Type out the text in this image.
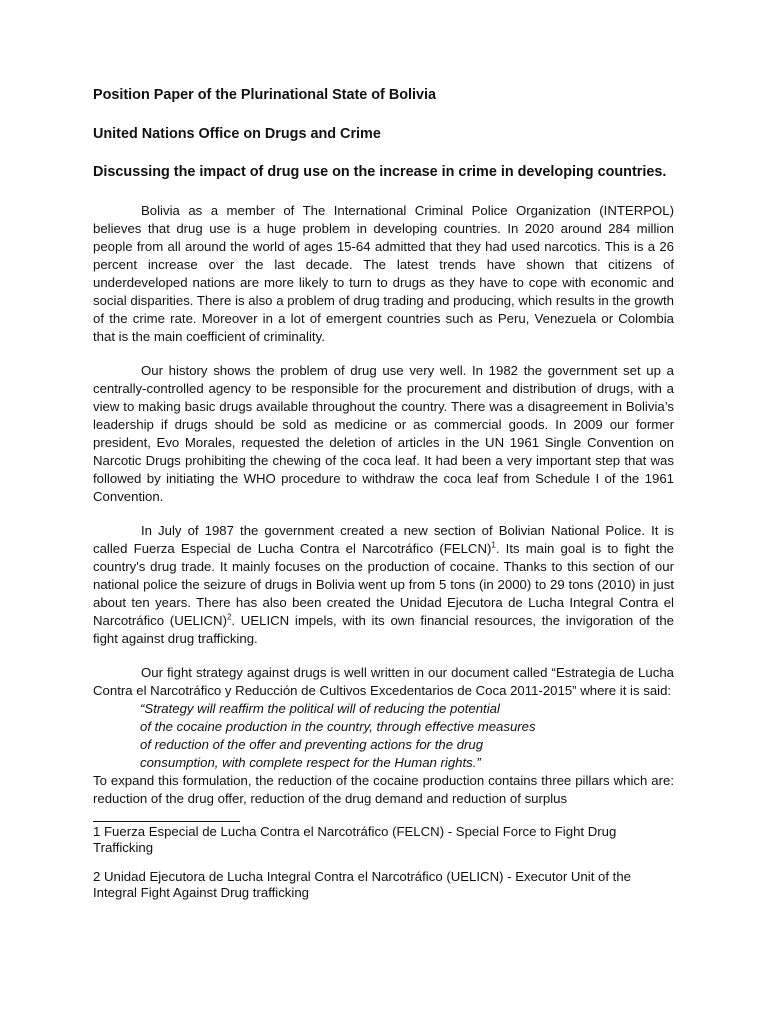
Position Paper of the Plurinational State of Bolivia

United Nations Office on Drugs and Crime

Discussing the impact of drug use on the increase in crime in developing countries.

Bolivia as a member of The International Criminal Police Organization (INTERPOL) believes that drug use is a huge problem in developing countries. In 2020 around 284 million people from all around the world of ages 15-64 admitted that they had used narcotics. This is a 26 percent increase over the last decade. The latest trends have shown that citizens of underdeveloped nations are more likely to turn to drugs as they have to cope with economic and social disparities. There is also a problem of drug trading and producing, which results in the growth of the crime rate. Moreover in a lot of emergent countries such as Peru, Venezuela or Colombia that is the main coefficient of criminality.

Our history shows the problem of drug use very well. In 1982 the government set up a centrally-controlled agency to be responsible for the procurement and distribution of drugs, with a view to making basic drugs available throughout the country. There was a disagreement in Bolivia’s leadership if drugs should be sold as medicine or as commercial goods. In 2009 our former president, Evo Morales, requested the deletion of articles in the UN 1961 Single Convention on Narcotic Drugs prohibiting the chewing of the coca leaf. It had been a very important step that was followed by initiating the WHO procedure to withdraw the coca leaf from Schedule I of the 1961 Convention.

In July of 1987 the government created a new section of Bolivian National Police. It is called Fuerza Especial de Lucha Contra el Narcotráfico (FELCN)$^1$. Its main goal is to fight the country's drug trade. It mainly focuses on the production of cocaine. Thanks to this section of our national police the seizure of drugs in Bolivia went up from 5 tons (in 2000) to 29 tons (2010) in just about ten years. There has also been created the Unidad Ejecutora de Lucha Integral Contra el Narcotráfico (UELICN)$^2$. UELICN impels, with its own financial resources, the invigoration of the fight against drug trafficking.

Our fight strategy against drugs is well written in our document called “Estrategia de Lucha Contra el Narcotráfico y Reducción de Cultivos Excedentarios de Coca 2011-2015” where it is said:

“Strategy will reaffirm the political will of reducing the potential
of the cocaine production in the country, through effective measures
of reduction of the offer and preventing actions for the drug
consumption, with complete respect for the Human rights.”

To expand this formulation, the reduction of the cocaine production contains three pillars which are: reduction of the drug offer, reduction of the drug demand and reduction of surplus

1 Fuerza Especial de Lucha Contra el Narcotráfico (FELCN) - Special Force to Fight Drug Trafficking

2 Unidad Ejecutora de Lucha Integral Contra el Narcotráfico (UELICN) - Executor Unit of the Integral Fight Against Drug trafficking
